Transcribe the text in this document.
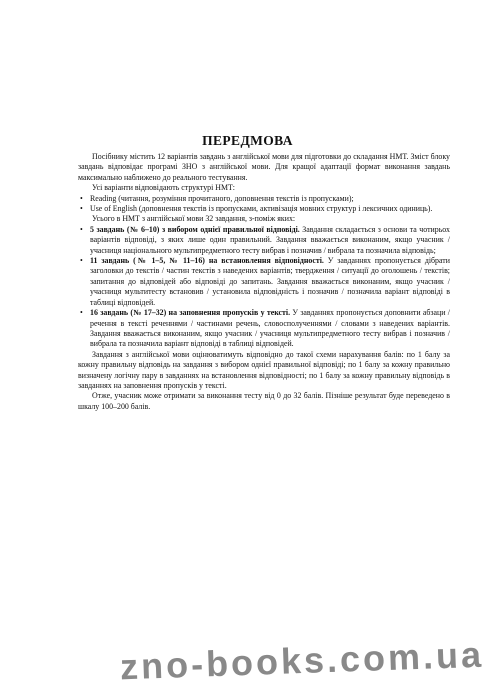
ПЕРЕДМОВА

Посібнику містить 12 варіантів завдань з англійської мови для підготовки до складання НМТ. Зміст блоку завдань відповідає програмі ЗНО з англійської мови. Для кращої адаптації формат виконання завдань максимально наближено до реального тестування.

Усі варіанти відповідають структурі НМТ:

• Reading (читання, розуміння прочитаного, доповнення текстів із пропусками);
• Use of English (доповнення текстів із пропусками, активізація мовних структур і лексичних одиниць).

Усього в НМТ з англійської мови 32 завдання, з-поміж яких:

• 5 завдань (№ 6–10) з вибором однієї правильної відповіді. Завдання складається з основи та чотирьох варіантів відповіді, з яких лише один правильний. Завдання вважається виконаним, якщо учасник / учасниця національного мультипредметного тесту вибрав і позначив / вибрала та позначила відповідь;
• 11 завдань (№ 1–5, № 11–16) на встановлення відповідності. У завданнях пропонується дібрати заголовки до текстів / частин текстів з наведених варіантів; твердження / ситуації до оголошень / текстів; запитання до відповідей або відповіді до запитань. Завдання вважається виконаним, якщо учасник / учасниця мультитесту встановив / установила відповідність і позначив / позначила варіант відповіді в таблиці відповідей.
• 16 завдань (№ 17–32) на заповнення пропусків у тексті. У завданнях пропонується доповнити абзаци / речення в тексті реченнями / частинами речень, словосполученнями / словами з наведених варіантів. Завдання вважається виконаним, якщо учасник / учасниця мультипредметного тесту вибрав і позначив / вибрала та позначила варіант відповіді в таблиці відповідей.

Завдання з англійської мови оцінюватимуть відповідно до такої схеми нарахування балів: по 1 балу за кожну правильну відповідь на завдання з вибором однієї правильної відповіді; по 1 балу за кожну правильно визначену логічну пару в завданнях на встановлення відповідності; по 1 балу за кожну правильну відповідь в завданнях на заповнення пропусків у тексті.

Отже, учасник може отримати за виконання тесту від 0 до 32 балів. Пізніше результат буде переведено в шкалу 100–200 балів.

zno-books.com.ua
